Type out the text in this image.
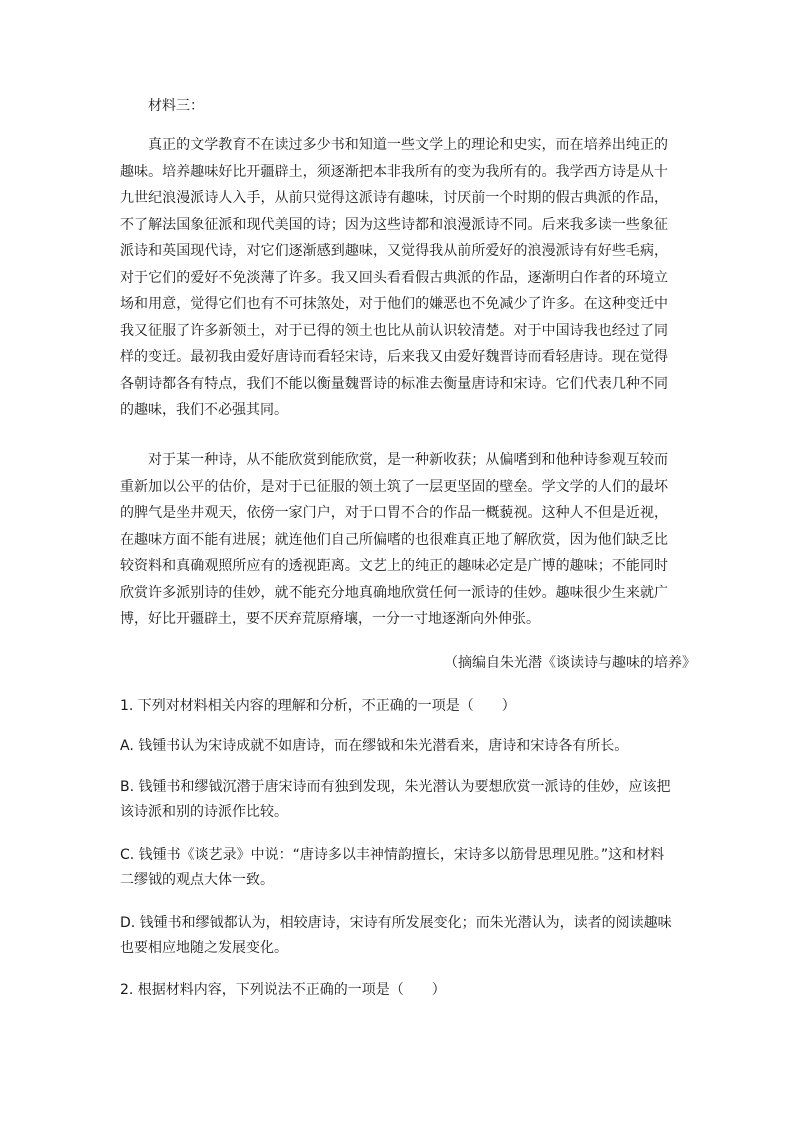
材料三：

真正的文学教育不在读过多少书和知道一些文学上的理论和史实，而在培养出纯正的趣味。培养趣味好比开疆辟土，须逐渐把本非我所有的变为我所有的。我学西方诗是从十九世纪浪漫派诗人入手，从前只觉得这派诗有趣味，讨厌前一个时期的假古典派的作品，不了解法国象征派和现代美国的诗；因为这些诗都和浪漫派诗不同。后来我多读一些象征派诗和英国现代诗，对它们逐渐感到趣味，又觉得我从前所爱好的浪漫派诗有好些毛病，对于它们的爱好不免淡薄了许多。我又回头看看假古典派的作品，逐渐明白作者的环境立场和用意，觉得它们也有不可抹煞处，对于他们的嫌恶也不免减少了许多。在这种变迁中我又征服了许多新领土，对于已得的领土也比从前认识较清楚。对于中国诗我也经过了同样的变迁。最初我由爱好唐诗而看轻宋诗，后来我又由爱好魏晋诗而看轻唐诗。现在觉得各朝诗都各有特点，我们不能以衡量魏晋诗的标准去衡量唐诗和宋诗。它们代表几种不同的趣味，我们不必强其同。

对于某一种诗，从不能欣赏到能欣赏，是一种新收获；从偏嗜到和他种诗参观互较而重新加以公平的估价，是对于已征服的领土筑了一层更坚固的壁垒。学文学的人们的最坏的脾气是坐井观天，依傍一家门户，对于口胃不合的作品一概藐视。这种人不但是近视，在趣味方面不能有进展；就连他们自己所偏嗜的也很难真正地了解欣赏，因为他们缺乏比较资料和真确观照所应有的透视距离。文艺上的纯正的趣味必定是广博的趣味；不能同时欣赏许多派别诗的佳妙，就不能充分地真确地欣赏任何一派诗的佳妙。趣味很少生来就广博，好比开疆辟土，要不厌弃荒原瘠壤，一分一寸地逐渐向外伸张。

（摘编自朱光潜《谈读诗与趣味的培养》

1. 下列对材料相关内容的理解和分析，不正确的一项是（　　）

A. 钱锺书认为宋诗成就不如唐诗，而在缪钺和朱光潜看来，唐诗和宋诗各有所长。

B. 钱锺书和缪钺沉潜于唐宋诗而有独到发现，朱光潜认为要想欣赏一派诗的佳妙，应该把该诗派和别的诗派作比较。

C. 钱锺书《谈艺录》中说：“唐诗多以丰神情韵擅长，宋诗多以筋骨思理见胜。”这和材料二缪钺的观点大体一致。

D. 钱锺书和缪钺都认为，相较唐诗，宋诗有所发展变化；而朱光潜认为，读者的阅读趣味也要相应地随之发展变化。

2. 根据材料内容，下列说法不正确的一项是（　　）
